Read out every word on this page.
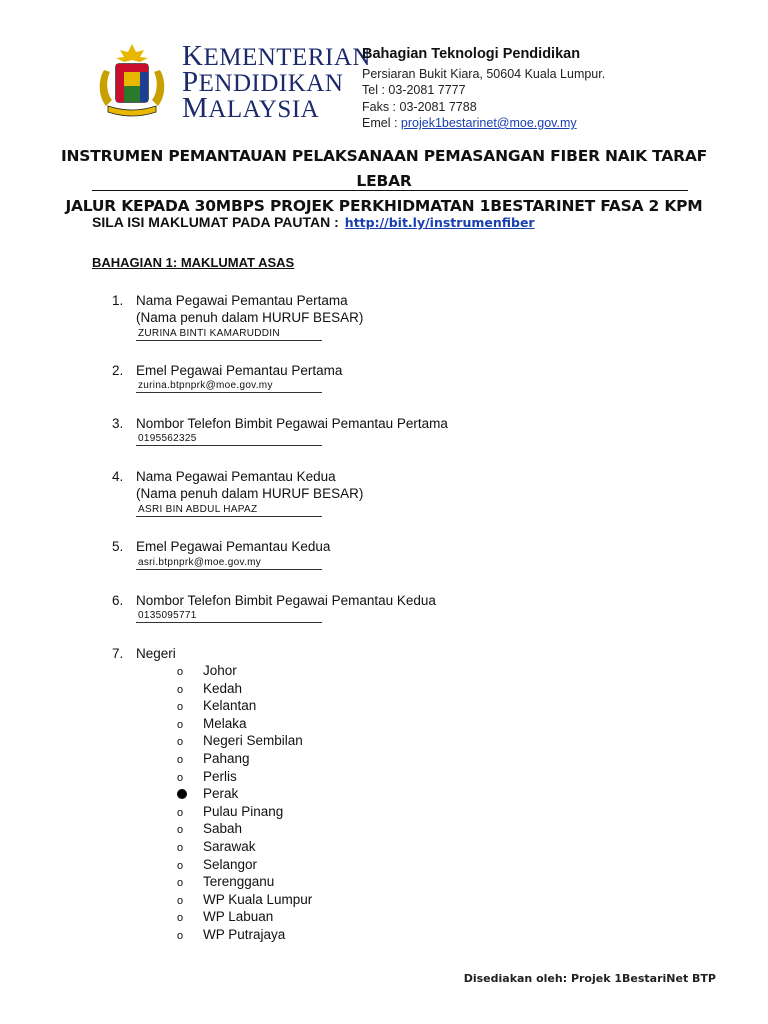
KEMENTERIAN
PENDIDIKAN
MALAYSIA
Bahagian Teknologi Pendidikan
Persiaran Bukit Kiara, 50604 Kuala Lumpur.
Tel : 03-2081 7777
Faks : 03-2081 7788
Emel : projek1bestarinet@moe.gov.my
INSTRUMEN PEMANTAUAN PELAKSANAAN PEMASANGAN FIBER NAIK TARAF LEBAR
JALUR KEPADA 30MBPS PROJEK PERKHIDMATAN 1BESTARINET FASA 2 KPM
SILA ISI MAKLUMAT PADA PAUTAN : http://bit.ly/instrumenfiber
BAHAGIAN 1: MAKLUMAT ASAS
1. Nama Pegawai Pemantau Pertama
(Nama penuh dalam HURUF BESAR)
ZURINA BINTI KAMARUDDIN
2. Emel Pegawai Pemantau Pertama
zurina.btpnprk@moe.gov.my
3. Nombor Telefon Bimbit Pegawai Pemantau Pertama
0195562325
4. Nama Pegawai Pemantau Kedua
(Nama penuh dalam HURUF BESAR)
ASRI BIN ABDUL HAPAZ
5. Emel Pegawai Pemantau Kedua
asri.btpnprk@moe.gov.my
6. Nombor Telefon Bimbit Pegawai Pemantau Kedua
0135095771
7. Negeri
o Johor
o Kedah
o Kelantan
o Melaka
o Negeri Sembilan
o Pahang
o Perlis
Perak
o Pulau Pinang
o Sabah
o Sarawak
o Selangor
o Terengganu
o WP Kuala Lumpur
o WP Labuan
o WP Putrajaya
Disediakan oleh: Projek 1BestariNet BTP
